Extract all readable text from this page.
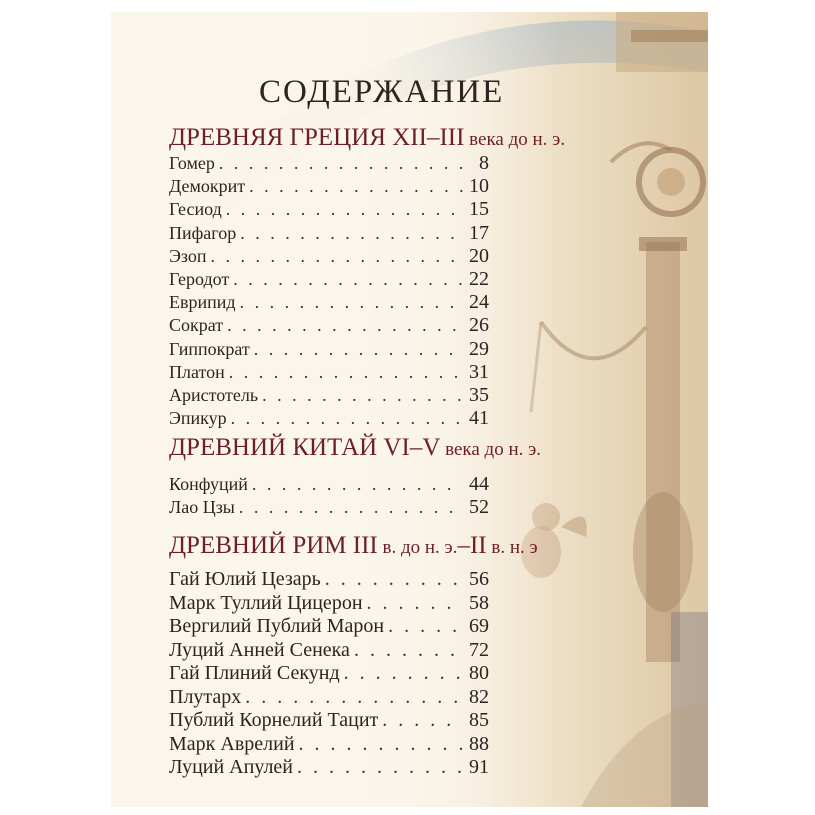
СОДЕРЖАНИЕ
ДРЕВНЯЯ ГРЕЦИЯ XII–III века до н. э.
Гомер . . .	8
Демокрит . . .	10
Гесиод . . .	15
Пифагор . . .	17
Эзоп . . .	20
Геродот . . .	22
Еврипид . . .	24
Сократ . . .	26
Гиппократ . . .	29
Платон . . .	31
Аристотель . . .	35
Эпикур . . .	41
ДРЕВНИЙ КИТАЙ VI–V века до н. э.
Конфуций . . .	44
Лао Цзы . . .	52
ДРЕВНИЙ РИМ III в. до н. э.–II в. н. э
Гай Юлий Цезарь . . .	56
Марк Туллий Цицерон . . .	58
Вергилий Публий Марон . . .	69
Луций Анней Сенека . . .	72
Гай Плиний Секунд . . .	80
Плутарх . . .	82
Публий Корнелий Тацит . . .	85
Марк Аврелий . . .	88
Луций Апулей . . .	91
